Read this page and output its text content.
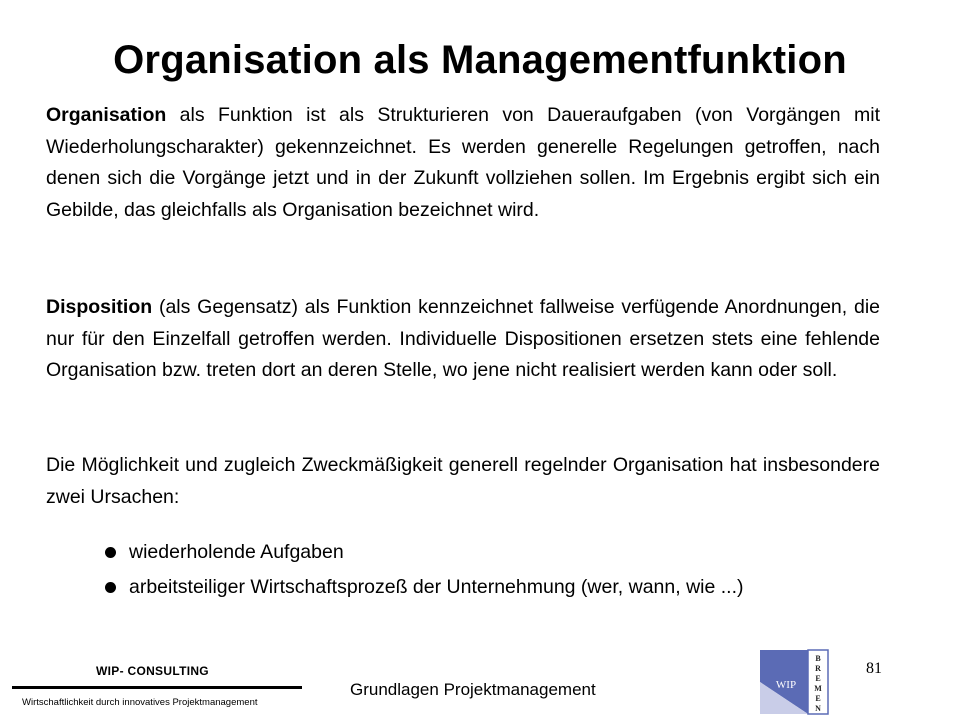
Organisation als Managementfunktion
Organisation als Funktion ist als Strukturieren von Daueraufgaben (von Vorgängen mit Wiederholungscharakter) gekennzeichnet. Es werden generelle Regelungen getroffen, nach denen sich die Vorgänge jetzt und in der Zukunft vollziehen sollen. Im Ergebnis ergibt sich ein Gebilde, das gleichfalls als Organisation bezeichnet wird.
Disposition (als Gegensatz) als Funktion kennzeichnet fallweise verfügende Anordnungen, die nur für den Einzelfall getroffen werden. Individuelle Dispositionen ersetzen stets eine fehlende Organisation bzw. treten dort an deren Stelle, wo jene nicht realisiert werden kann oder soll.
Die Möglichkeit und zugleich Zweckmäßigkeit generell regelnder Organisation hat insbesondere zwei Ursachen:
wiederholende Aufgaben
arbeitsteiliger Wirtschaftsprozeß der Unternehmung (wer, wann, wie ...)
WIP- CONSULTING
Wirtschaftlichkeit durch innovatives Projektmanagement
Grundlagen Projektmanagement
81
WIP
B
R
E
M
E
N
